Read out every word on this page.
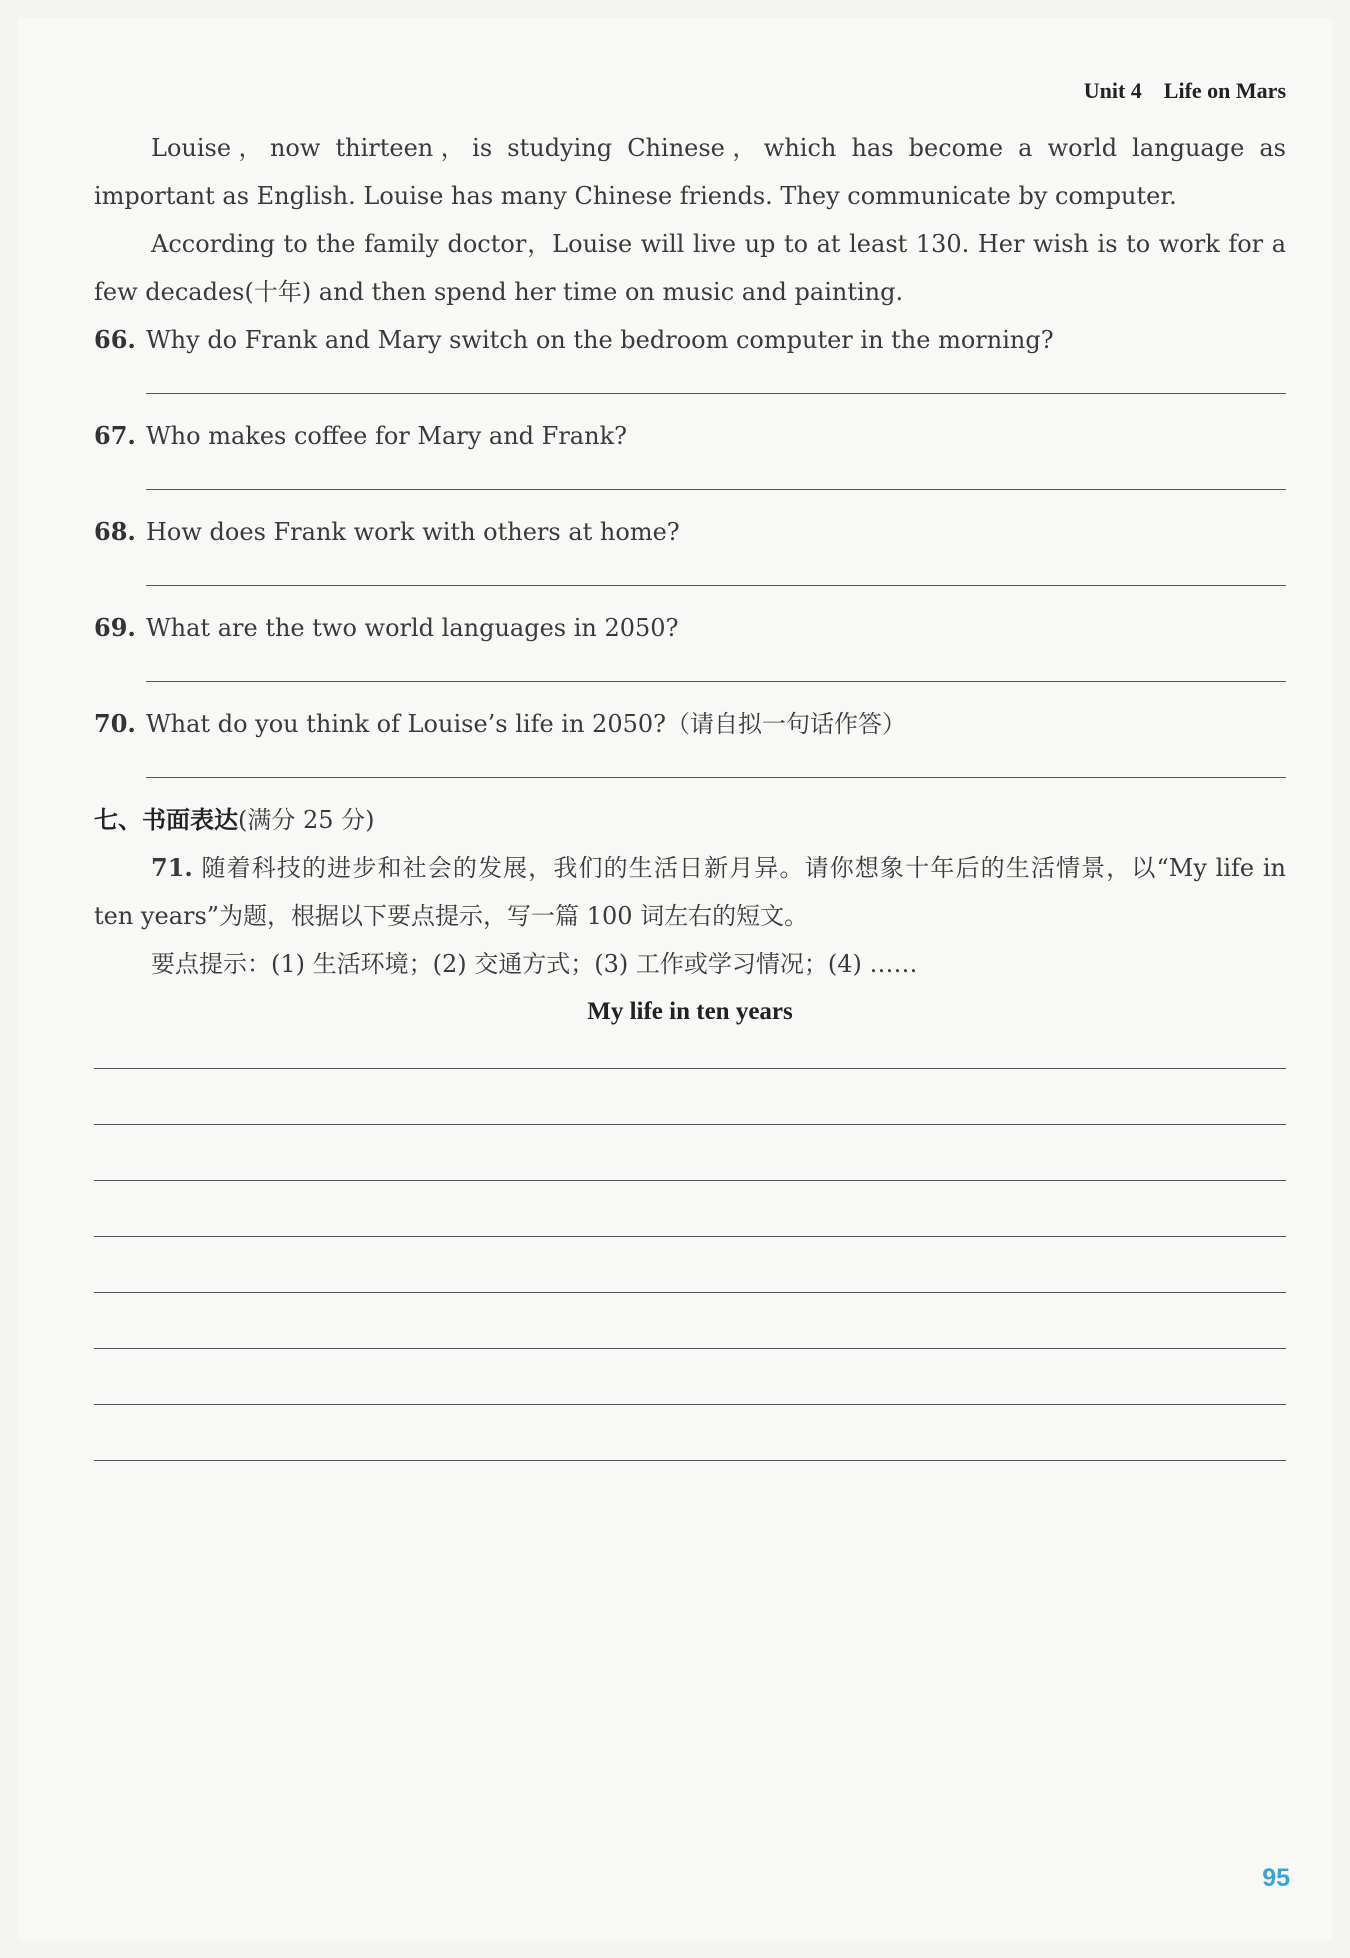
Unit 4 Life on Mars

Louise，now thirteen，is studying Chinese，which has become a world language as important as English. Louise has many Chinese friends. They communicate by computer.

According to the family doctor，Louise will live up to at least 130. Her wish is to work for a few decades(十年) and then spend her time on music and painting.

66. Why do Frank and Mary switch on the bedroom computer in the morning?
67. Who makes coffee for Mary and Frank?
68. How does Frank work with others at home?
69. What are the two world languages in 2050?
70. What do you think of Louise’s life in 2050?（请自拟一句话作答）

七、书面表达(满分 25 分)

71. 随着科技的进步和社会的发展，我们的生活日新月异。请你想象十年后的生活情景，以“My life in ten years”为题，根据以下要点提示，写一篇 100 词左右的短文。

要点提示：(1) 生活环境；(2) 交通方式；(3) 工作或学习情况；(4) ……

My life in ten years
95
